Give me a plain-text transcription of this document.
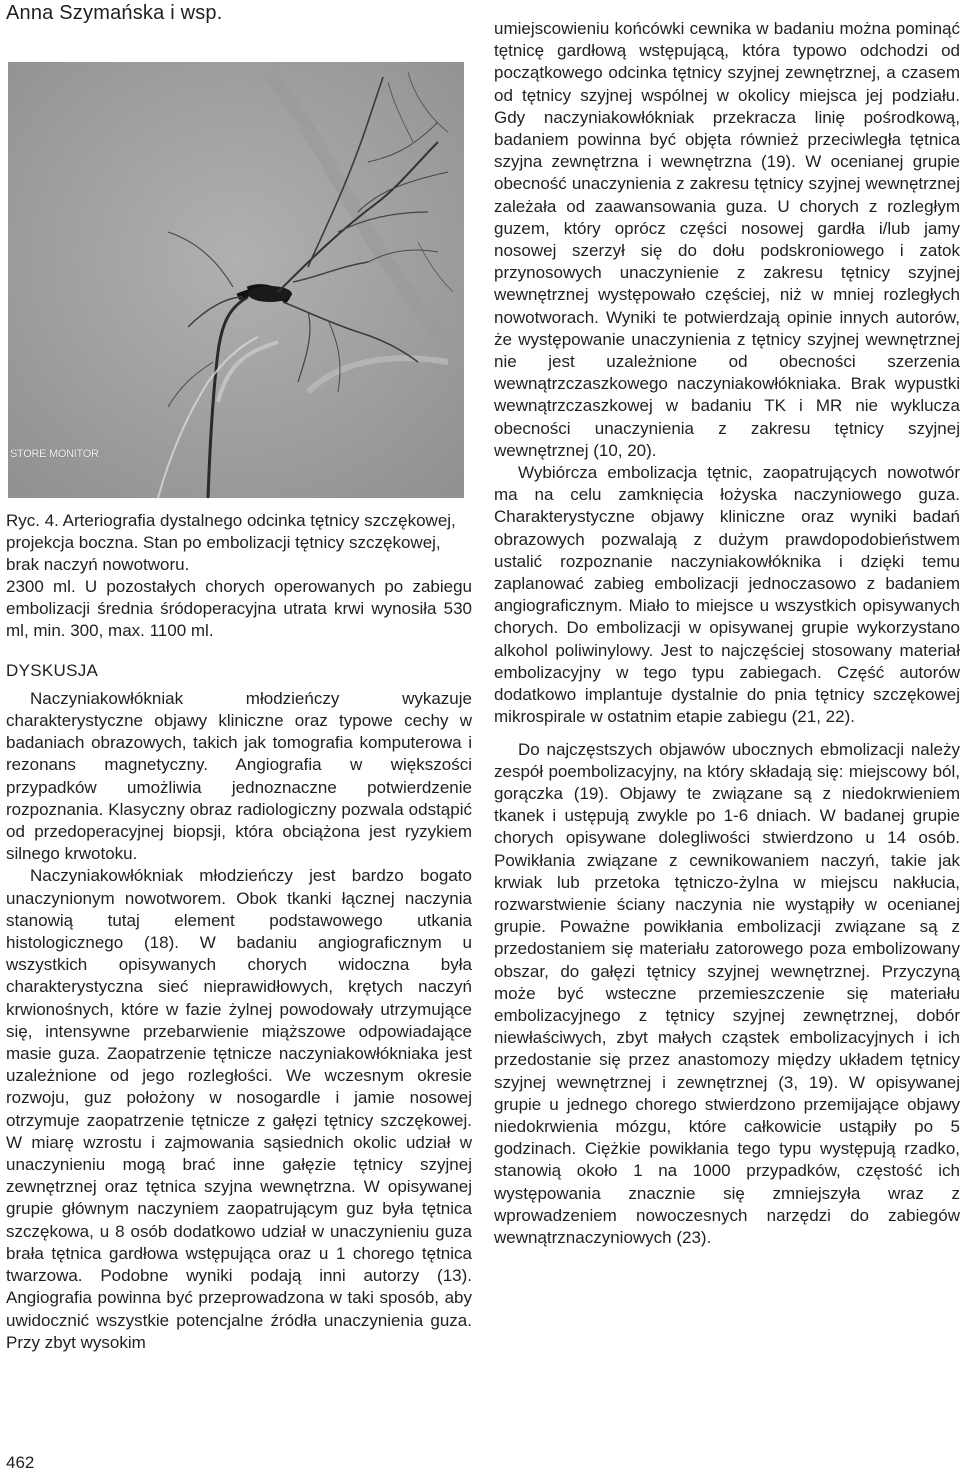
Anna Szymańska i wsp.
STORE MONITOR
Ryc. 4. Arteriografia dystalnego odcinka tętnicy szczękowej, projekcja boczna. Stan po embolizacji tętnicy szczękowej, brak naczyń nowotworu.

2300 ml. U pozostałych chorych operowanych po zabiegu embolizacji średnia śródoperacyjna utrata krwi wynosiła 530 ml, min. 300, max. 1100 ml.

DYSKUSJA

Naczyniakowłókniak młodzieńczy wykazuje charakterystyczne objawy kliniczne oraz typowe cechy w badaniach obrazowych, takich jak tomografia komputerowa i rezonans magnetyczny. Angiografia w większości przypadków umożliwia jednoznaczne potwierdzenie rozpoznania. Klasyczny obraz radiologiczny pozwala odstąpić od przedoperacyjnej biopsji, która obciążona jest ryzykiem silnego krwotoku.

Naczyniakowłókniak młodzieńczy jest bardzo bogato unaczynionym nowotworem. Obok tkanki łącznej naczynia stanowią tutaj element podstawowego utkania histologicznego (18). W badaniu angiograficznym u wszystkich opisywanych chorych widoczna była charakterystyczna sieć nieprawidłowych, krętych naczyń krwionośnych, które w fazie żylnej powodowały utrzymujące się, intensywne przebarwienie miąższowe odpowiadające masie guza. Zaopatrzenie tętnicze naczyniakowłókniaka jest uzależnione od jego rozległości. We wczesnym okresie rozwoju, guz położony w nosogardle i jamie nosowej otrzymuje zaopatrzenie tętnicze z gałęzi tętnicy szczękowej. W miarę wzrostu i zajmowania sąsiednich okolic udział w unaczynieniu mogą brać inne gałęzie tętnicy szyjnej zewnętrznej oraz tętnica szyjna wewnętrzna. W opisywanej grupie głównym naczyniem zaopatrującym guz była tętnica szczękowa, u 8 osób dodatkowo udział w unaczynieniu guza brała tętnica gardłowa wstępująca oraz u 1 chorego tętnica twarzowa. Podobne wyniki podają inni autorzy (13). Angiografia powinna być przeprowadzona w taki sposób, aby uwidocznić wszystkie potencjalne źródła unaczynienia guza. Przy zbyt wysokim

umiejscowieniu końcówki cewnika w badaniu można pominąć tętnicę gardłową wstępującą, która typowo odchodzi od początkowego odcinka tętnicy szyjnej zewnętrznej, a czasem od tętnicy szyjnej wspólnej w okolicy miejsca jej podziału. Gdy naczyniakowłókniak przekracza linię pośrodkową, badaniem powinna być objęta również przeciwległa tętnica szyjna zewnętrzna i wewnętrzna (19). W ocenianej grupie obecność unaczynienia z zakresu tętnicy szyjnej wewnętrznej zależała od zaawansowania guza. U chorych z rozległym guzem, który oprócz części nosowej gardła i/lub jamy nosowej szerzył się do dołu podskroniowego i zatok przynosowych unaczynienie z zakresu tętnicy szyjnej wewnętrznej występowało częściej, niż w mniej rozległych nowotworach. Wyniki te potwierdzają opinie innych autorów, że występowanie unaczynienia z tętnicy szyjnej wewnętrznej nie jest uzależnione od obecności szerzenia wewnątrzczaszkowego naczyniakowłókniaka. Brak wypustki wewnątrzczaszkowej w badaniu TK i MR nie wyklucza obecności unaczynienia z zakresu tętnicy szyjnej wewnętrznej (10, 20).

Wybiórcza embolizacja tętnic, zaopatrujących nowotwór ma na celu zamknięcia łożyska naczyniowego guza. Charakterystyczne objawy kliniczne oraz wyniki badań obrazowych pozwalają z dużym prawdopodobieństwem ustalić rozpoznanie naczyniakowłóknika i dzięki temu zaplanować zabieg embolizacji jednoczasowo z badaniem angiograficznym. Miało to miejsce u wszystkich opisywanych chorych. Do embolizacji w opisywanej grupie wykorzystano alkohol poliwinylowy. Jest to najczęściej stosowany materiał embolizacyjny w tego typu zabiegach. Część autorów dodatkowo implantuje dystalnie do pnia tętnicy szczękowej mikrospirale w ostatnim etapie zabiegu (21, 22).

Do najczęstszych objawów ubocznych ebmolizacji należy zespół poembolizacyjny, na który składają się: miejscowy ból, gorączka (19). Objawy te związane są z niedokrwieniem tkanek i ustępują zwykle po 1-6 dniach. W badanej grupie chorych opisywane dolegliwości stwierdzono u 14 osób. Powikłania związane z cewnikowaniem naczyń, takie jak krwiak lub przetoka tętniczo-żylna w miejscu nakłucia, rozwarstwienie ściany naczynia nie wystąpiły w ocenianej grupie. Poważne powikłania embolizacji związane są z przedostaniem się materiału zatorowego poza embolizowany obszar, do gałęzi tętnicy szyjnej wewnętrznej. Przyczyną może być wsteczne przemieszczenie się materiału embolizacyjnego z tętnicy szyjnej zewnętrznej, dobór niewłaściwych, zbyt małych cząstek embolizacyjnych i ich przedostanie się przez anastomozy między układem tętnicy szyjnej wewnętrznej i zewnętrznej (3, 19). W opisywanej grupie u jednego chorego stwierdzono przemijające objawy niedokrwienia mózgu, które całkowicie ustąpiły po 5 godzinach. Ciężkie powikłania tego typu występują rzadko, stanowią około 1 na 1000 przypadków, częstość ich występowania znacznie się zmniejszyła wraz z wprowadzeniem nowoczesnych narzędzi do zabiegów wewnątrznaczyniowych (23).

462
